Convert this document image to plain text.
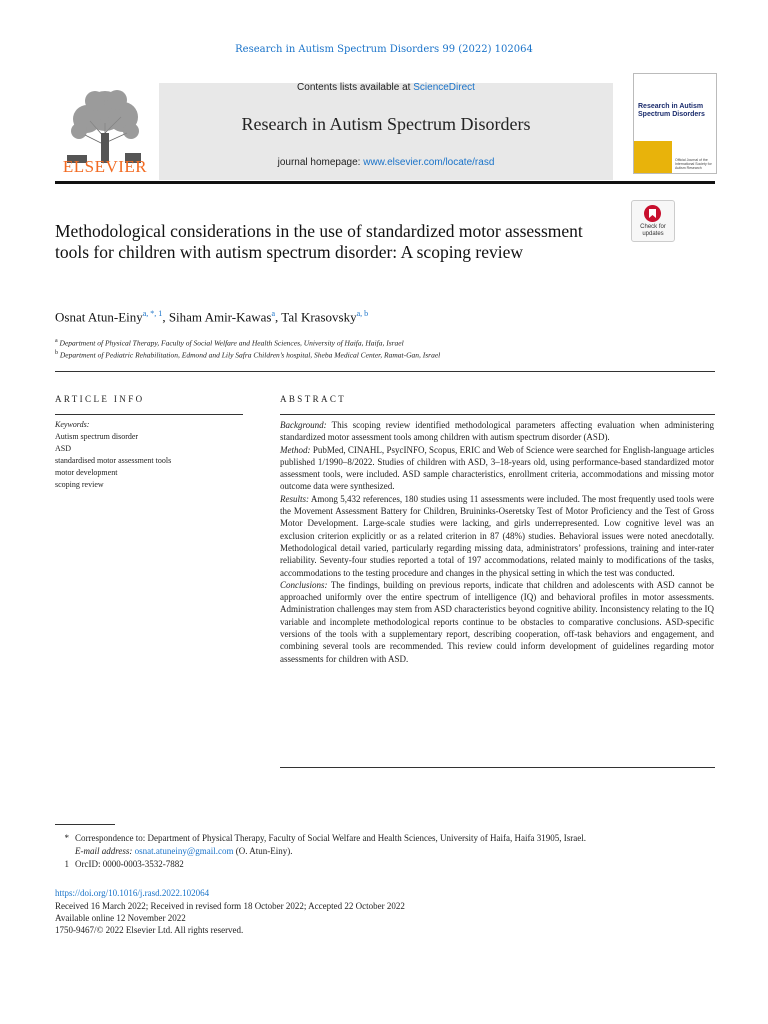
Research in Autism Spectrum Disorders 99 (2022) 102064
ELSEVIER
Contents lists available at ScienceDirect
Research in Autism Spectrum Disorders
journal homepage: www.elsevier.com/locate/rasd
Research in Autism Spectrum Disorders
Official Journal of the International Society for Autism Research
Methodological considerations in the use of standardized motor assessment tools for children with autism spectrum disorder: A scoping review
Check for updates
Osnat Atun-Einy$^{a, *, 1}$, Siham Amir-Kawas$^a$, Tal Krasovsky$^{a, b}$
$^a$ Department of Physical Therapy, Faculty of Social Welfare and Health Sciences, University of Haifa, Haifa, Israel
$^b$ Department of Pediatric Rehabilitation, Edmond and Lily Safra Children’s hospital, Sheba Medical Center, Ramat-Gan, Israel
ARTICLE INFO
Keywords:
Autism spectrum disorder
ASD
standardised motor assessment tools
motor development
scoping review
ABSTRACT

Background: This scoping review identified methodological parameters affecting evaluation when administering standardized motor assessment tools among children with autism spectrum disorder (ASD).

Method: PubMed, CINAHL, PsycINFO, Scopus, ERIC and Web of Science were searched for English-language articles published 1/1990–8/2022. Studies of children with ASD, 3–18-years old, using performance-based standardized motor assessment tools, were included. ASD sample characteristics, enrollment criteria, accommodations and missing motor outcome data were synthesized.

Results: Among 5,432 references, 180 studies using 11 assessments were included. The most frequently used tools were the Movement Assessment Battery for Children, Bruininks-Oseretsky Test of Motor Proficiency and the Test of Gross Motor Development. Large-scale studies were lacking, and girls underrepresented. Low cognitive level was an exclusion criterion explicitly or as a related criterion in 87 (48%) studies. Behavioral issues were noted anecdotally. Methodological detail varied, particularly regarding missing data, administrators’ professions, training and inter-rater reliability. Seventy-four studies reported a total of 197 accommodations, related mainly to modifications of the tasks, accommodations to the testing procedure and changes in the physical setting in which the test was conducted.

Conclusions: The findings, building on previous reports, indicate that children and adolescents with ASD cannot be approached uniformly over the entire spectrum of intelligence (IQ) and behavioral profiles in motor assessments. Administration challenges may stem from ASD characteristics beyond cognitive ability. Inconsistency relating to the IQ variable and incomplete methodological reports continue to be obstacles to comparative conclusions. ASD-specific versions of the tools with a supplementary report, describing cooperation, off-task behaviors and engagement, and combining several tools are recommended. This review could inform development of guidelines regarding motor assessments for children with ASD.

* Correspondence to: Department of Physical Therapy, Faculty of Social Welfare and Health Sciences, University of Haifa, Haifa 31905, Israel.
E-mail address: osnat.atuneiny@gmail.com (O. Atun-Einy).
1 OrcID: 0000-0003-3532-7882
https://doi.org/10.1016/j.rasd.2022.102064
Received 16 March 2022; Received in revised form 18 October 2022; Accepted 22 October 2022
Available online 12 November 2022
1750-9467/© 2022 Elsevier Ltd. All rights reserved.
